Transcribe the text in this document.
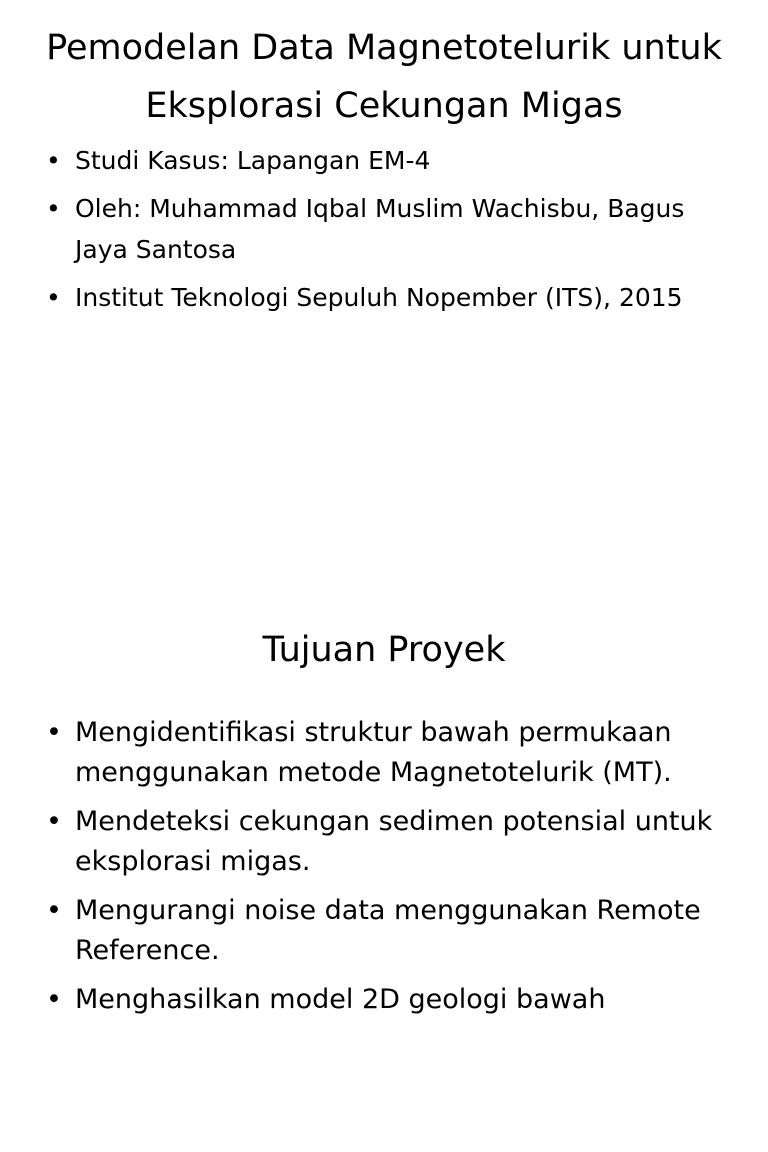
Pemodelan Data Magnetotelurik untuk Eksplorasi Cekungan Migas
• Studi Kasus: Lapangan EM-4
• Oleh: Muhammad Iqbal Muslim Wachisbu, Bagus Jaya Santosa
• Institut Teknologi Sepuluh Nopember (ITS), 2015
Tujuan Proyek
• Mengidentifikasi struktur bawah permukaan menggunakan metode Magnetotelurik (MT).
• Mendeteksi cekungan sedimen potensial untuk eksplorasi migas.
• Mengurangi noise data menggunakan Remote Reference.
• Menghasilkan model 2D geologi bawah
